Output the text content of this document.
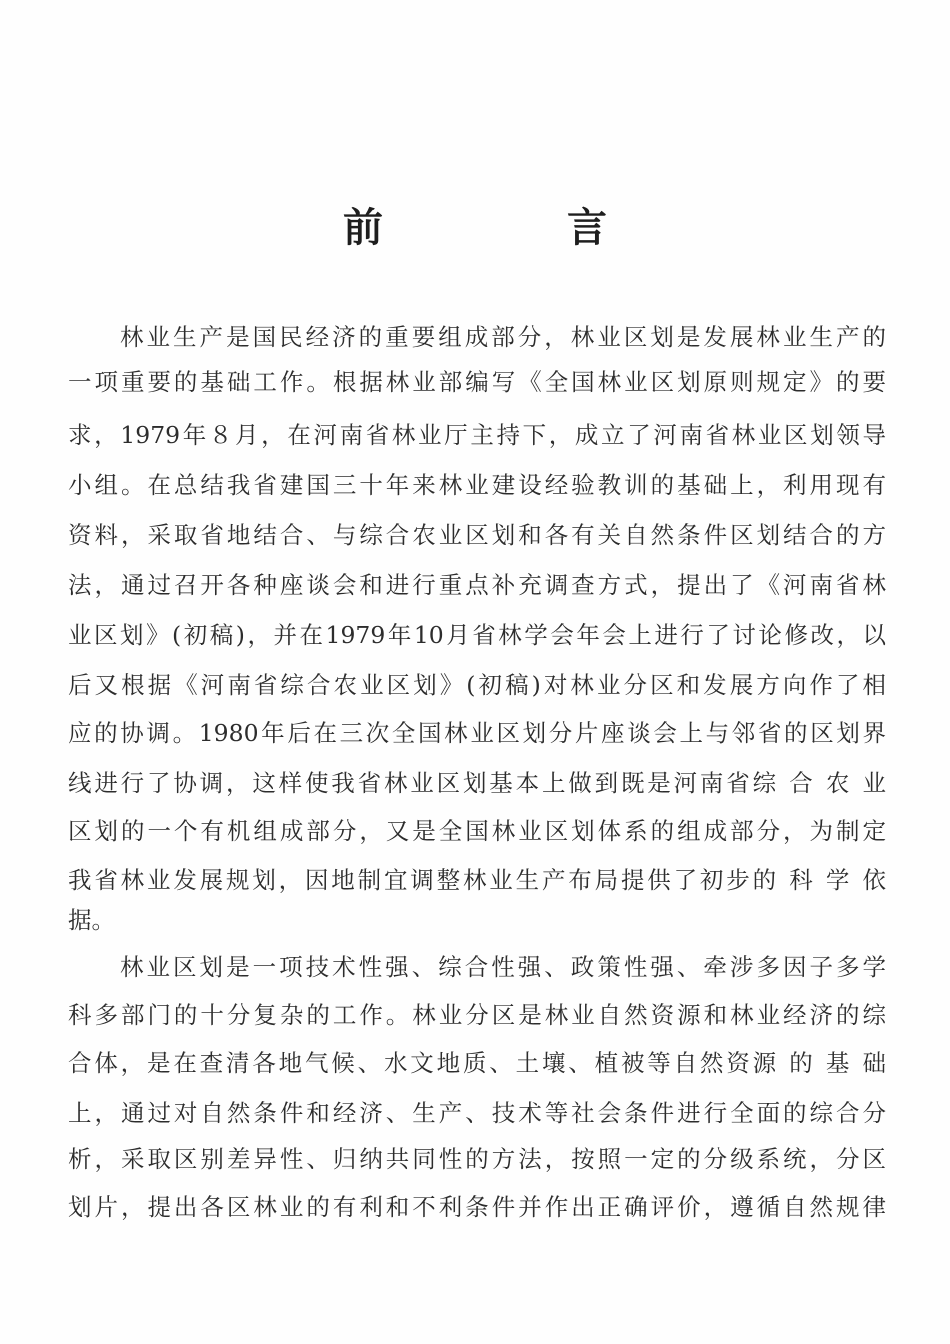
前　言
林业生产是国民经济的重要组成部分，林业区划是发展林业生产的
一项重要的基础工作。根据林业部编写《全国林业区划原则规定》的要
求，1979年８月，在河南省林业厅主持下，成立了河南省林业区划领导
小组。在总结我省建国三十年来林业建设经验教训的基础上，利用现有
资料，采取省地结合、与综合农业区划和各有关自然条件区划结合的方
法，通过召开各种座谈会和进行重点补充调查方式，提出了《河南省林
业区划》(初稿)，并在1979年10月省林学会年会上进行了讨论修改，以
后又根据《河南省综合农业区划》(初稿)对林业分区和发展方向作了相
应的协调。1980年后在三次全国林业区划分片座谈会上与邻省的区划界
线进行了协调，这样使我省林业区划基本上做到既是河南省综 合 农 业
区划的一个有机组成部分，又是全国林业区划体系的组成部分，为制定
我省林业发展规划，因地制宜调整林业生产布局提供了初步的 科 学 依
据。
林业区划是一项技术性强、综合性强、政策性强、牵涉多因子多学
科多部门的十分复杂的工作。林业分区是林业自然资源和林业经济的综
合体，是在查清各地气候、水文地质、土壤、植被等自然资源 的 基 础
上，通过对自然条件和经济、生产、技术等社会条件进行全面的综合分
析，采取区别差异性、归纳共同性的方法，按照一定的分级系统，分区
划片，提出各区林业的有利和不利条件并作出正确评价，遵循自然规律
